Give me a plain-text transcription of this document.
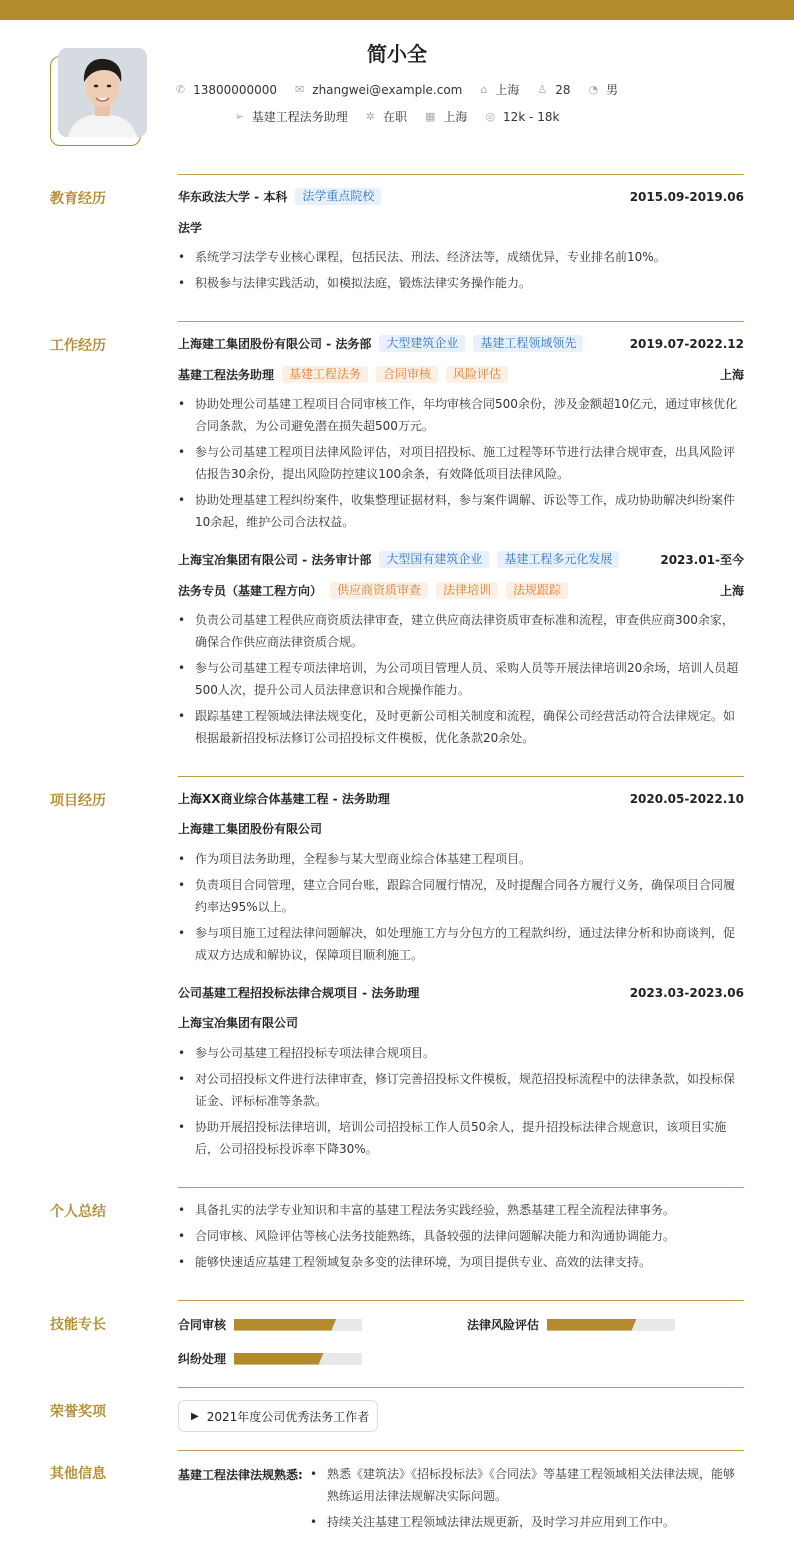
简小全
✆ 13800000000 ✉ zhangwei@example.com ⌂ 上海 ♙ 28 ◔ 男
➢ 基建工程法务助理 ✲ 在职 ▦ 上海 ◎ 12k - 18k
教育经历	华东政法大学 - 本科	法学重点院校	2015.09-2019.06
法学
• 系统学习法学专业核心课程，包括民法、刑法、经济法等，成绩优异，专业排名前10%。
• 积极参与法律实践活动，如模拟法庭，锻炼法律实务操作能力。
工作经历	上海建工集团股份有限公司 - 法务部	大型建筑企业	基建工程领域领先	2019.07-2022.12
基建工程法务助理	基建工程法务	合同审核	风险评估	上海
• 协助处理公司基建工程项目合同审核工作，年均审核合同500余份，涉及金额超10亿元，通过审核优化合同条款，为公司避免潜在损失超500万元。
• 参与公司基建工程项目法律风险评估，对项目招投标、施工过程等环节进行法律合规审查，出具风险评估报告30余份，提出风险防控建议100余条，有效降低项目法律风险。
• 协助处理基建工程纠纷案件，收集整理证据材料，参与案件调解、诉讼等工作，成功协助解决纠纷案件10余起，维护公司合法权益。
上海宝冶集团有限公司 - 法务审计部	大型国有建筑企业	基建工程多元化发展	2023.01-至今
法务专员（基建工程方向）	供应商资质审查	法律培训	法规跟踪	上海
• 负责公司基建工程供应商资质法律审查，建立供应商法律资质审查标准和流程，审查供应商300余家，确保合作供应商法律资质合规。
• 参与公司基建工程专项法律培训，为公司项目管理人员、采购人员等开展法律培训20余场，培训人员超500人次，提升公司人员法律意识和合规操作能力。
• 跟踪基建工程领域法律法规变化，及时更新公司相关制度和流程，确保公司经营活动符合法律规定。如根据最新招投标法修订公司招投标文件模板，优化条款20余处。
项目经历	上海XX商业综合体基建工程 - 法务助理	2020.05-2022.10
上海建工集团股份有限公司
• 作为项目法务助理，全程参与某大型商业综合体基建工程项目。
• 负责项目合同管理，建立合同台账，跟踪合同履行情况，及时提醒合同各方履行义务，确保项目合同履约率达95%以上。
• 参与项目施工过程法律问题解决，如处理施工方与分包方的工程款纠纷，通过法律分析和协商谈判，促成双方达成和解协议，保障项目顺利施工。
公司基建工程招投标法律合规项目 - 法务助理	2023.03-2023.06
上海宝冶集团有限公司
• 参与公司基建工程招投标专项法律合规项目。
• 对公司招投标文件进行法律审查，修订完善招投标文件模板，规范招投标流程中的法律条款，如投标保证金、评标标准等条款。
• 协助开展招投标法律培训，培训公司招投标工作人员50余人，提升招投标法律合规意识，该项目实施后，公司招投标投诉率下降30%。
个人总结	• 具备扎实的法学专业知识和丰富的基建工程法务实践经验，熟悉基建工程全流程法律事务。
• 合同审核、风险评估等核心法务技能熟练，具备较强的法律问题解决能力和沟通协调能力。
• 能够快速适应基建工程领域复杂多变的法律环境，为项目提供专业、高效的法律支持。
技能专长	合同审核	法律风险评估
纠纷处理
荣誉奖项	▶ 2021年度公司优秀法务工作者
其他信息	基建工程法律法规熟悉:	• 熟悉《建筑法》《招标投标法》《合同法》等基建工程领域相关法律法规，能够熟练运用法律法规解决实际问题。
• 持续关注基建工程领域法律法规更新，及时学习并应用到工作中。
